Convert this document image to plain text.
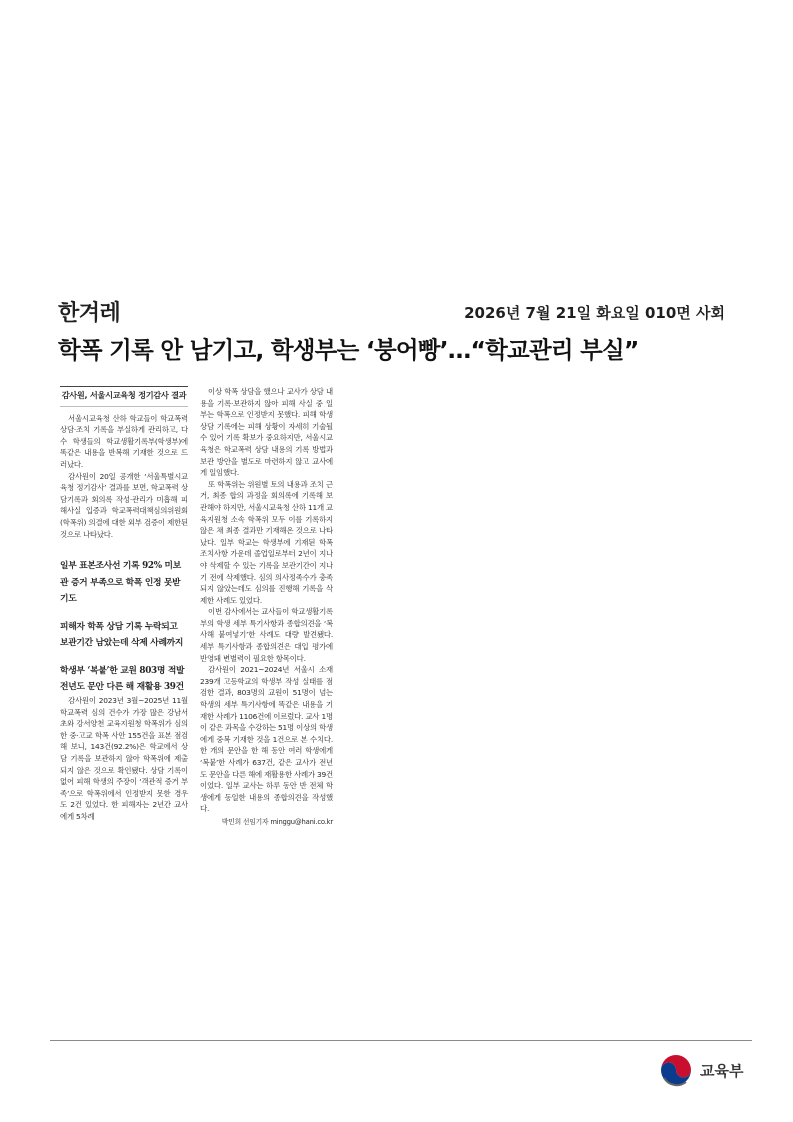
한겨레	2026년 7월 21일 화요일 010면 사회
학폭 기록 안 남기고, 학생부는 ‘붕어빵’…“학교관리 부실”
감사원, 서울시교육청 정기감사 결과

서울시교육청 산하 학교들이 학교폭력 상담·조치 기록을 부실하게 관리하고, 다수 학생들의 학교생활기록부(학생부)에 똑같은 내용을 반복해 기재한 것으로 드러났다.

감사원이 20일 공개한 ‘서울특별시교육청 정기감사’ 결과를 보면, 학교폭력 상담기록과 회의록 작성·관리가 미흡해 피해사실 입증과 학교폭력대책심의위원회(학폭위) 의결에 대한 외부 검증이 제한된 것으로 나타났다.

일부 표본조사선 기록 92% 미보관 증거 부족으로 학폭 인정 못받기도
피해자 학폭 상담 기록 누락되고 보관기간 남았는데 삭제 사례까지
학생부 ‘복붙’한 교원 803명 적발 전년도 문안 다른 해 재활용 39건

감사원이 2023년 3월~2025년 11월 학교폭력 심의 건수가 가장 많은 강남서초와 강서양천 교육지원청 학폭위가 심의한 중·고교 학폭 사안 155건을 표본 점검해 보니, 143건(92.2%)은 학교에서 상담 기록을 보관하지 않아 학폭위에 제출되지 않은 것으로 확인됐다. 상담 기록이 없어 피해 학생의 주장이 ‘객관적 증거 부족’으로 학폭위에서 인정받지 못한 경우도 2건 있었다. 한 피해자는 2년간 교사에게 5차례

이상 학폭 상담을 했으나 교사가 상담 내용을 기록·보관하지 않아 피해 사실 중 일부는 학폭으로 인정받지 못했다. 피해 학생 상담 기록에는 피해 상황이 자세히 기술될 수 있어 기록 확보가 중요하지만, 서울시교육청은 학교폭력 상담 내용의 기록 방법과 보관 방안을 별도로 마련하지 않고 교사에게 일임했다.

또 학폭위는 위원별 토의 내용과 조치 근거, 최종 합의 과정을 회의록에 기록해 보관해야 하지만, 서울시교육청 산하 11개 교육지원청 소속 학폭위 모두 이를 기록하지 않은 채 최종 결과만 기재해온 것으로 나타났다. 일부 학교는 학생부에 기재된 학폭 조치사항 가운데 졸업일로부터 2년이 지나야 삭제할 수 있는 기록을 보관기간이 지나기 전에 삭제했다. 심의 의사정족수가 충족되지 않았는데도 심의를 진행해 기록을 삭제한 사례도 있었다.

이번 감사에서는 교사들이 학교생활기록부의 학생 세부 특기사항과 종합의견을 ‘복사해 붙여넣기’한 사례도 대량 발견됐다. 세부 특기사항과 종합의견은 대입 평가에 반영돼 변별력이 필요한 항목이다.

감사원이 2021~2024년 서울시 소재 239개 고등학교의 학생부 작성 실태를 점검한 결과, 803명의 교원이 51명이 넘는 학생의 세부 특기사항에 똑같은 내용을 기재한 사례가 1106건에 이르렀다. 교사 1명이 같은 과목을 수강하는 51명 이상의 학생에게 중복 기재한 것을 1건으로 본 수치다. 한 개의 문안을 한 해 동안 여러 학생에게 ‘복붙’한 사례가 637건, 같은 교사가 전년도 문안을 다른 해에 재활용한 사례가 39건이었다. 일부 교사는 하루 동안 반 전체 학생에게 동일한 내용의 종합의견을 작성했다.

박민희 선임기자 minggu@hani.co.kr
교육부
